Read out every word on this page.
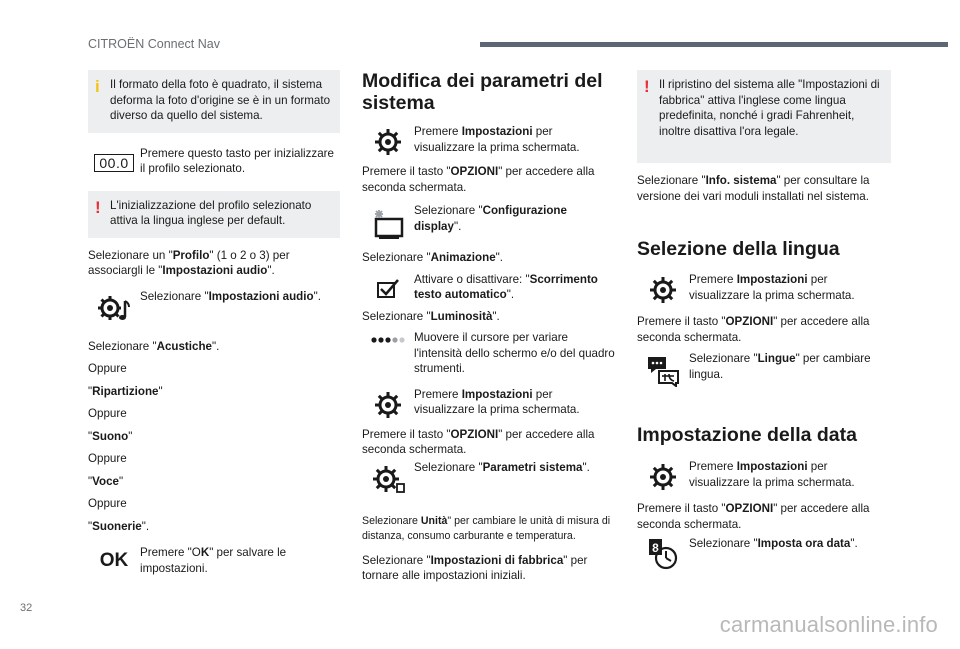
CITROËN Connect Nav
i Il formato della foto è quadrato, il sistema deforma la foto d'origine se è in un formato diverso da quello del sistema.

00.0

Premere questo tasto per inizializzare il profilo selezionato.

! L'inizializzazione del profilo selezionato attiva la lingua inglese per default.

Selezionare un "Profilo" (1 o 2 o 3) per associargli le "Impostazioni audio".

Selezionare "Impostazioni audio".

Selezionare "Acustiche".

Oppure

"Ripartizione"

Oppure

"Suono"

Oppure

"Voce"

Oppure

"Suonerie".

OK Premere "OK" per salvare le impostazioni.

Modifica dei parametri del sistema

Premere Impostazioni per visualizzare la prima schermata.

Premere il tasto "OPZIONI" per accedere alla seconda schermata.

Selezionare "Configurazione display".

Selezionare "Animazione".

Attivare o disattivare: "Scorrimento testo automatico".

Selezionare "Luminosità".

Muovere il cursore per variare l'intensità dello schermo e/o del quadro strumenti.

Premere Impostazioni per visualizzare la prima schermata.

Premere il tasto "OPZIONI" per accedere alla seconda schermata.

Selezionare "Parametri sistema".

Selezionare Unità" per cambiare le unità di misura di distanza, consumo carburante e temperatura.

Selezionare "Impostazioni di fabbrica" per tornare alle impostazioni iniziali.

! Il ripristino del sistema alle "Impostazioni di fabbrica" attiva l'inglese come lingua predefinita, nonché i gradi Fahrenheit, inoltre disattiva l'ora legale.

Selezionare "Info. sistema" per consultare la versione dei vari moduli installati nel sistema.

Selezione della lingua

Premere Impostazioni per visualizzare la prima schermata.

Premere il tasto "OPZIONI" per accedere alla seconda schermata.

Selezionare "Lingue" per cambiare lingua.

Impostazione della data

Premere Impostazioni per visualizzare la prima schermata.

Premere il tasto "OPZIONI" per accedere alla seconda schermata.

8	Selezionare "Imposta ora data".

32
carmanualsonline.info
